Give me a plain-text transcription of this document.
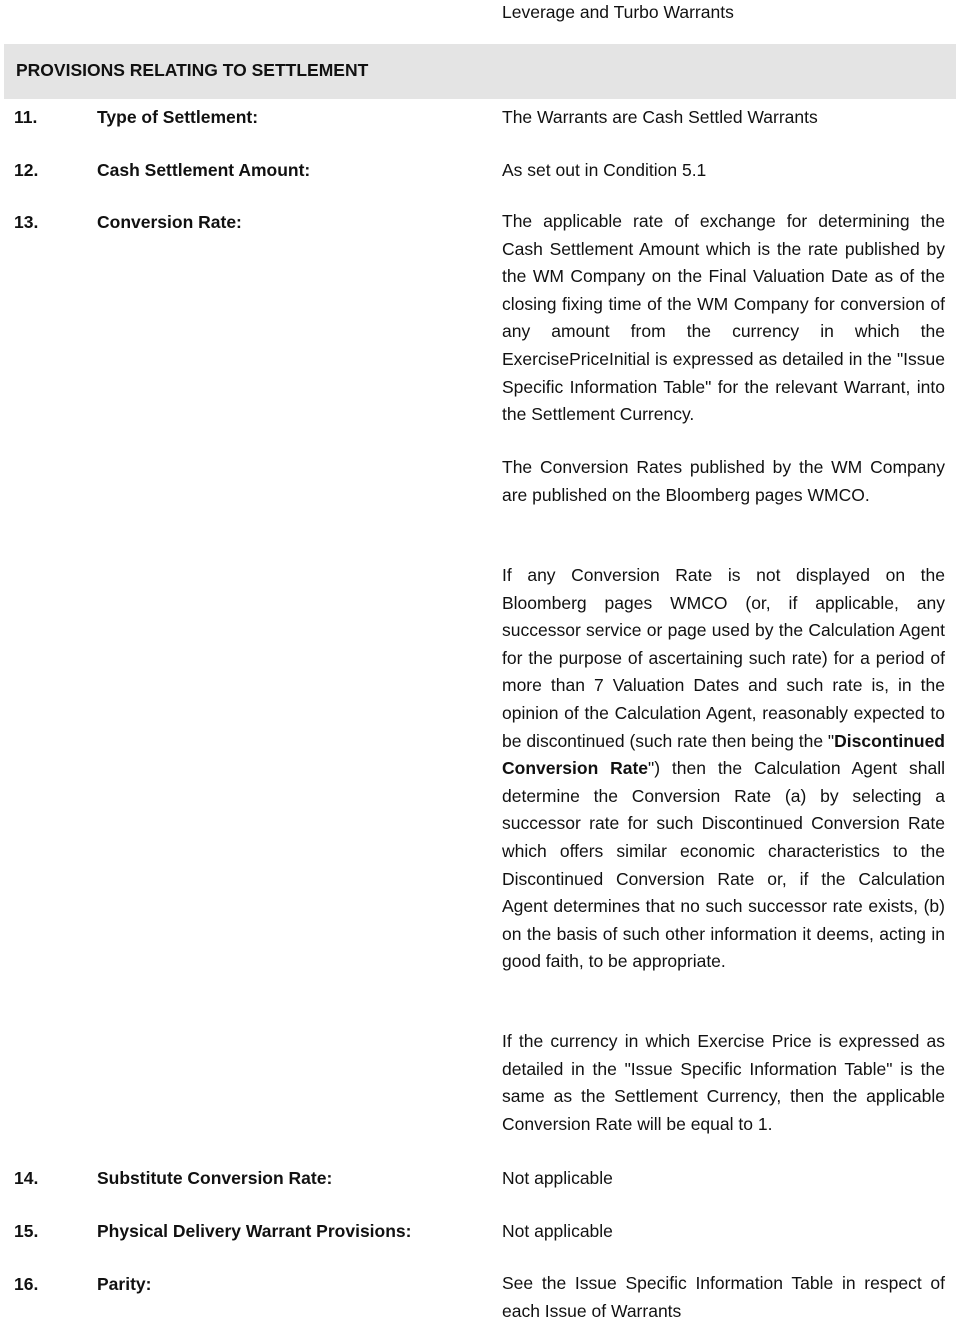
Leverage and Turbo Warrants
PROVISIONS RELATING TO SETTLEMENT
11.	Type of Settlement:	The Warrants are Cash Settled Warrants
12.	Cash Settlement Amount:	As set out in Condition 5.1
13.	Conversion Rate:	The applicable rate of exchange for determining the Cash Settlement Amount which is the rate published by the WM Company on the Final Valuation Date as of the closing fixing time of the WM Company for conversion of any amount from the currency in which the ExercisePriceInitial is expressed as detailed in the "Issue Specific Information Table" for the relevant Warrant, into the Settlement Currency.

The Conversion Rates published by the WM Company are published on the Bloomberg pages WMCO.

If any Conversion Rate is not displayed on the Bloomberg pages WMCO (or, if applicable, any successor service or page used by the Calculation Agent for the purpose of ascertaining such rate) for a period of more than 7 Valuation Dates and such rate is, in the opinion of the Calculation Agent, reasonably expected to be discontinued (such rate then being the "Discontinued Conversion Rate") then the Calculation Agent shall determine the Conversion Rate (a) by selecting a successor rate for such Discontinued Conversion Rate which offers similar economic characteristics to the Discontinued Conversion Rate or, if the Calculation Agent determines that no such successor rate exists, (b) on the basis of such other information it deems, acting in good faith, to be appropriate.

If the currency in which Exercise Price is expressed as detailed in the "Issue Specific Information Table" is the same as the Settlement Currency, then the applicable Conversion Rate will be equal to 1.

14.	Substitute Conversion Rate:	Not applicable
15.	Physical Delivery Warrant Provisions:	Not applicable
16.	Parity:	See the Issue Specific Information Table in respect of each Issue of Warrants
